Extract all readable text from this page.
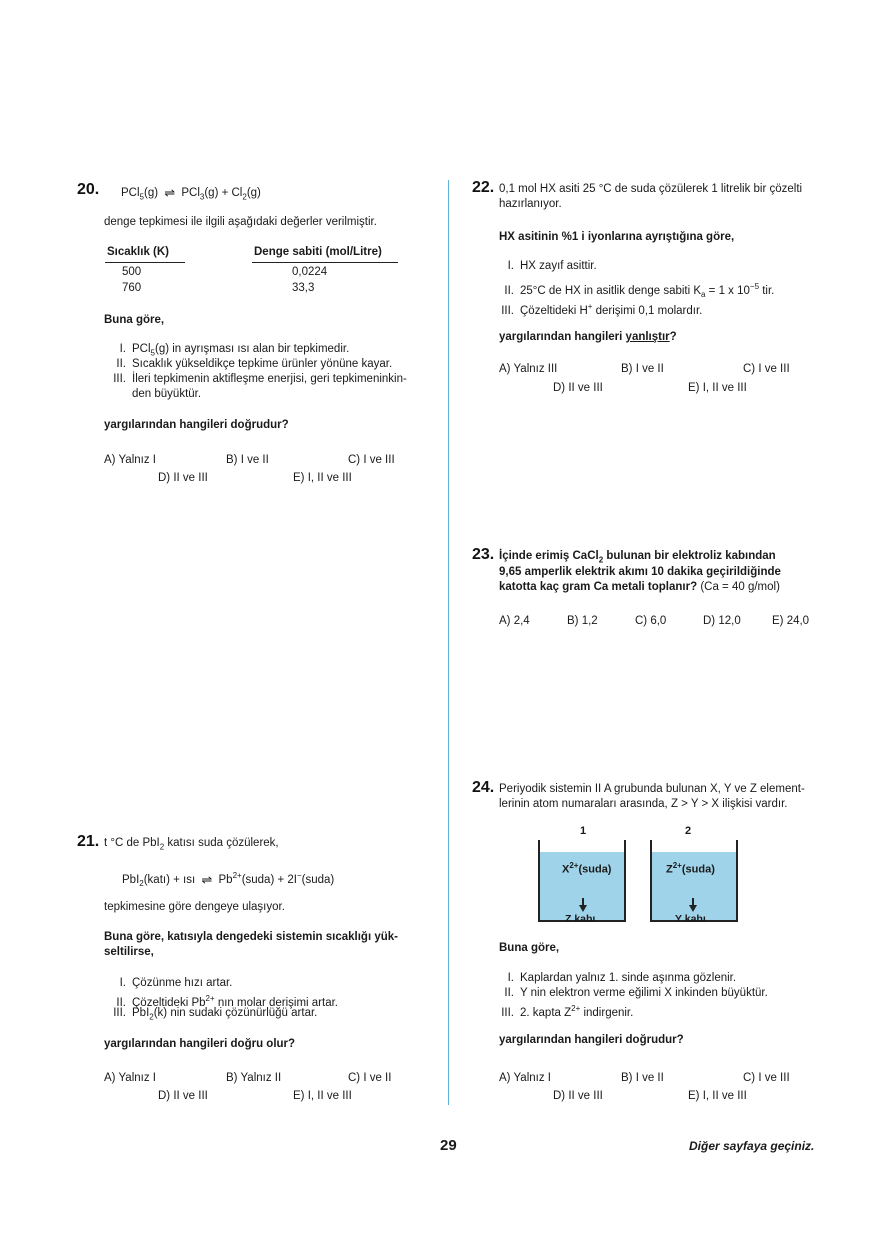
20. PCl$_5$(g) ⇌ $PCl_3(g) + Cl_2(g)$
denge tepkimesi ile ilgili aşağıdaki değerler verilmiştir.
Sıcaklık (K)	Denge sabiti (mol/Litre)
500	0,0224
760	33,3
Buna göre,
I. PCl$_5$(g) in ayrışması ısı alan bir tepkimedir.
II. Sıcaklık yükseldikçe tepkime ürünler yönüne kayar.
III. İleri tepkimenin aktifleşme enerjisi, geri tepkimeninkin-
den büyüktür.
yargılarından hangileri doğrudur?
A) Yalnız I	B) I ve II	C) I ve III
D) II ve III	E) I, II ve III
21. t °C de PbI$_2$ katısı suda çözülerek,
PbI$_2$(katı) + ısı ⇌ $Pb^{2+}(suda)$ + 2I−(suda)
tepkimesine göre dengeye ulaşıyor.
Buna göre, katısıyla dengedeki sistemin sıcaklığı yük-
seltilirse,
I. Çözünme hızı artar.
II. Çözeltideki $Pb^{2+}$ nın molar derişimi artar.
III. PbI$_2$(k) nin sudaki çözünürlüğü artar.
yargılarından hangileri doğru olur?
A) Yalnız I	B) Yalnız II	C) I ve II
D) II ve III	E) I, II ve III
22. 0,1 mol HX asiti 25 °C de suda çözülerek 1 litrelik bir çözelti
hazırlanıyor.
HX asitinin %1 i iyonlarına ayrıştığına göre,
I. HX zayıf asittir.
II. 25°C de HX in asitlik denge sabiti $K_a = 1$ x $10^{-5}$ tir.
III. Çözeltideki H+ derişimi 0,1 molardır.
yargılarından hangileri yanlıştır?
A) Yalnız III	B) I ve II	C) I ve III
D) II ve III	E) I, II ve III
23. İçinde erimiş CaCl$_2$ bulunan bir elektroliz kabından
9,65 amperlik elektrik akımı 10 dakika geçirildiğinde
katotta kaç gram Ca metali toplanır? (Ca = 40 g/mol)
A) 2,4	B) 1,2	C) 6,0	D) 12,0	E) 24,0
24. Periyodik sistemin II A grubunda bulunan X, Y ve Z element-
lerinin atom numaraları arasında, Z > Y > X ilişkisi vardır.
1	2
$X^{2+}(suda)$
Z kabı
$Z^{2+}(suda)$
Y kabı
Buna göre,
I. Kaplardan yalnız 1. sinde aşınma gözlenir.
II. Y nin elektron verme eğilimi X inkinden büyüktür.
III. 2. kapta $Z^{2+}$ indirgenir.
yargılarından hangileri doğrudur?
A) Yalnız I	B) I ve II	C) I ve III
D) II ve III	E) I, II ve III
29	Diğer sayfaya geçiniz.
